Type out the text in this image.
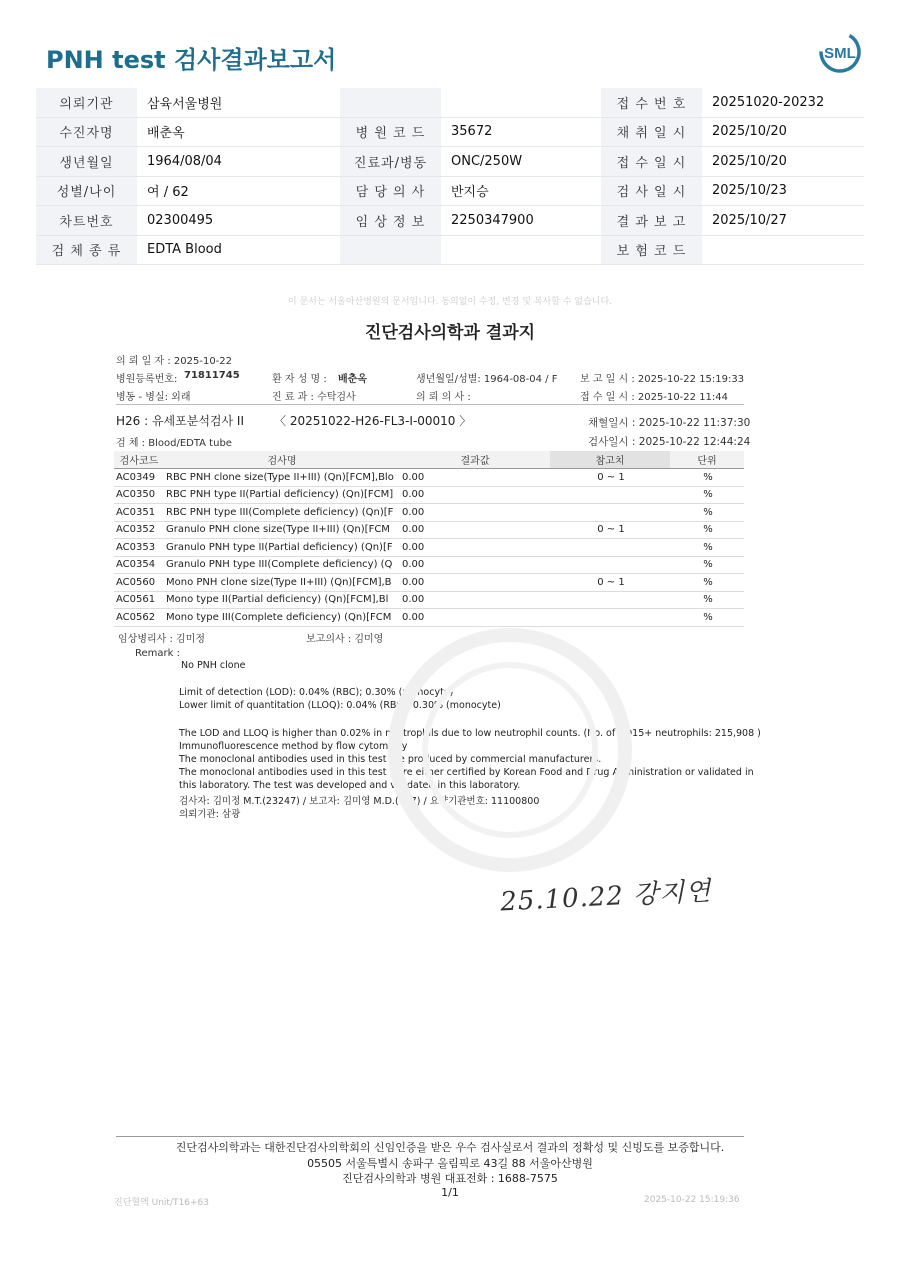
PNH test 검사결과보고서	SML
의뢰기관	삼육서울병원			접 수 번 호	20251020-20232
수진자명	배춘옥	병 원 코 드	35672	채 취 일 시	2025/10/20
생년월일	1964/08/04	진료과/병동	ONC/250W	접 수 일 시	2025/10/20
성별/나이	여 / 62	담 당 의 사	반지승	검 사 일 시	2025/10/23
차트번호	02300495	임 상 정 보	2250347900	결 과 보 고	2025/10/27
검 체 종 류	EDTA Blood			보 험 코 드	
이 문서는 서울아산병원의 문서입니다. 동의없이 수정, 변경 및 복사할 수 없습니다.
진단검사의학과 결과지
의 뢰 일 자 : 2025-10-22
병원등록번호: 71811745	환 자 성 명 : 배춘옥	생년월일/성별: 1964-08-04 / F 보 고 일 시 : 2025-10-22 15:19:33
병동 - 병실: 외래	진 료 과 : 수탁검사	의 뢰 의 사 :	접 수 일 시 : 2025-10-22 11:44
H26 : 유세포분석검사 II 〈 20251022-H26-FL3-I-00010 〉	채혈일시 : 2025-10-22 11:37:30
검 체 : Blood/EDTA tube	검사일시 : 2025-10-22 12:44:24
검사코드	검사명	결과값	참고치	단위
AC0349	RBC PNH clone size(Type II+III) (Qn)[FCM],Blo	0.00	0 ~ 1	%
AC0350	RBC PNH type II(Partial deficiency) (Qn)[FCM]	0.00		%
AC0351	RBC PNH type III(Complete deficiency) (Qn)[F	0.00		%
AC0352	Granulo PNH clone size(Type II+III) (Qn)[FCM	0.00	0 ~ 1	%
AC0353	Granulo PNH type II(Partial deficiency) (Qn)[F	0.00		%
AC0354	Granulo PNH type III(Complete deficiency) (Q	0.00		%
AC0560	Mono PNH clone size(Type II+III) (Qn)[FCM],B	0.00	0 ~ 1	%
AC0561	Mono type II(Partial deficiency) (Qn)[FCM],Bl	0.00		%
AC0562	Mono type III(Complete deficiency) (Qn)[FCM	0.00		%
임상병리사 : 김미정	보고의사 : 김미영
Remark :
No PNH clone
Limit of detection (LOD): 0.04% (RBC); 0.30% (monocyte)
Lower limit of quantitation (LLOQ): 0.04% (RBC); 0.30% (monocyte)
The LOD and LLOQ is higher than 0.02% in neutrophils due to low neutrophil counts. (No. of CD15+ neutrophils: 215,908 )
Immunofluorescence method by flow cytometry
The monoclonal antibodies used in this test are produced by commercial manufacturers.
The monoclonal antibodies used in this test were either certified by Korean Food and Drug Administration or validated in
this laboratory. The test was developed and validated in this laboratory.
검사자: 김미정 M.T.(23247) / 보고자: 김미영 M.D.(797) / 요양기관번호: 11100800
의뢰기관: 삼광
25.10.22 강지연
진단검사의학과는 대한진단검사의학회의 신임인증을 받은 우수 검사실로서 결과의 정확성 및 신빙도를 보증합니다.
05505 서울특별시 송파구 올림픽로 43길 88 서울아산병원
진단검사의학과 병원 대표전화 : 1688-7575
1/1
진단혈액 Unit/T16+63	2025-10-22 15:19:36
